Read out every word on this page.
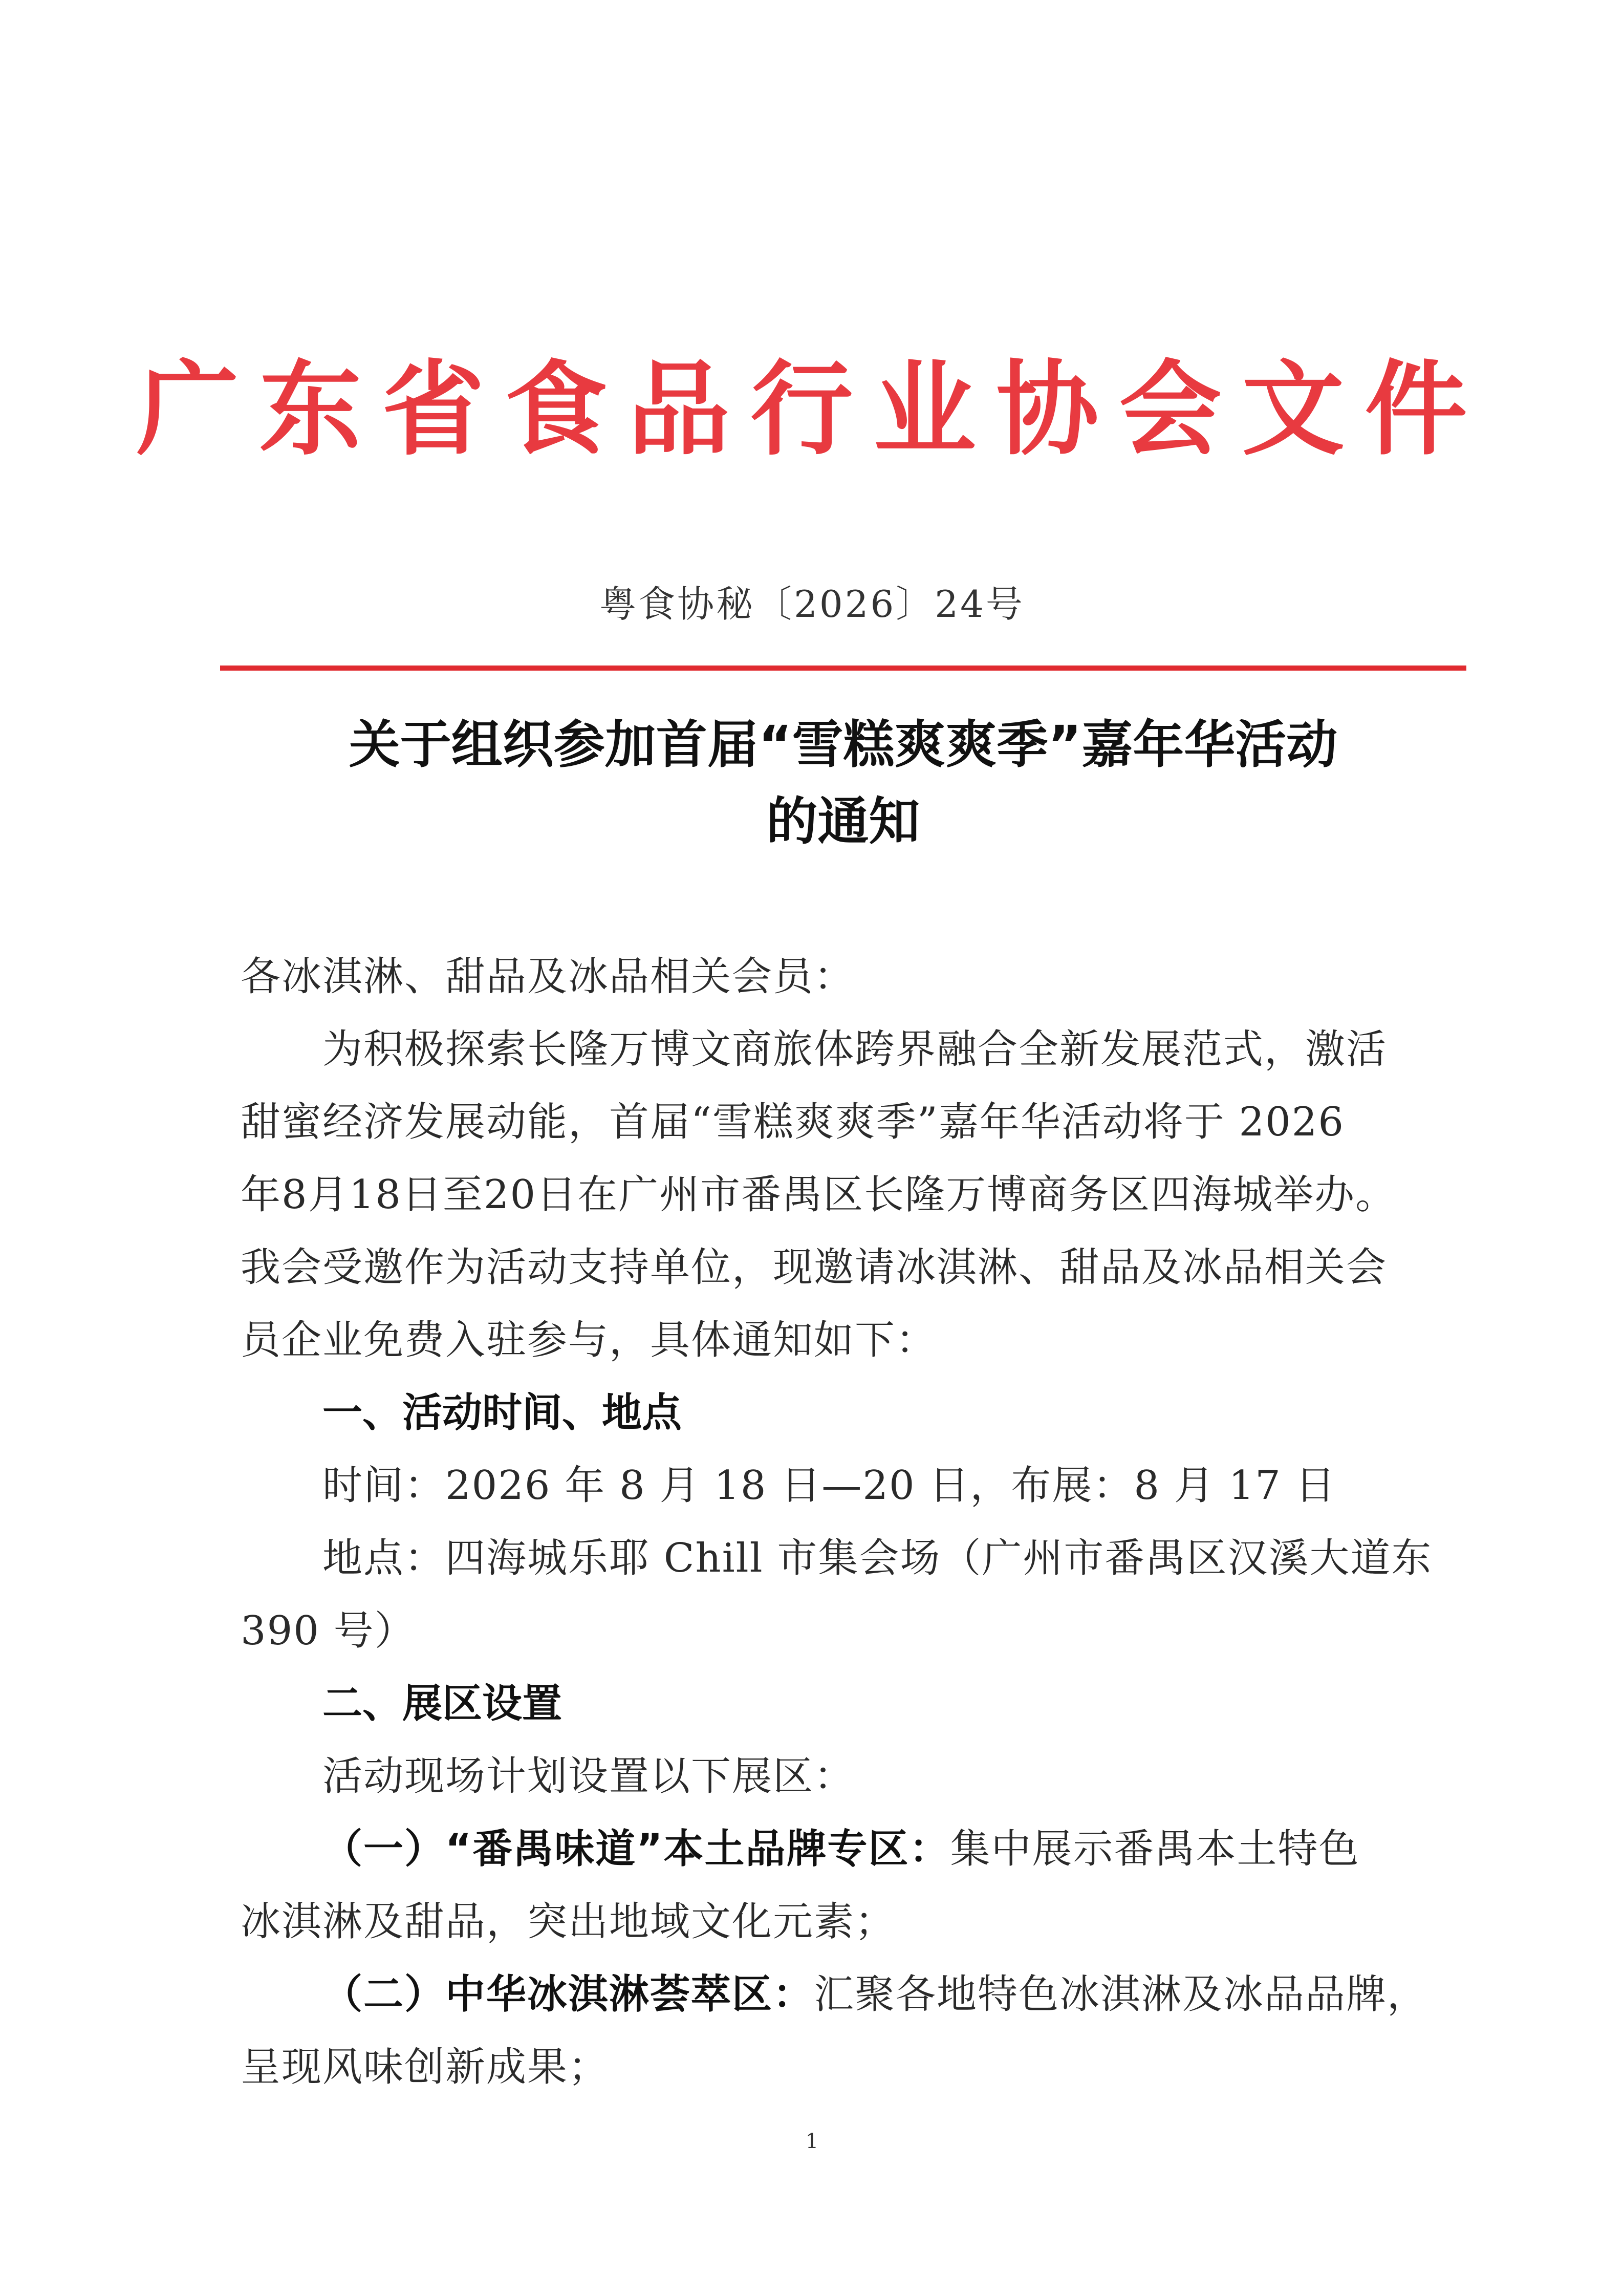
广东省食品行业协会文件
粤食协秘〔2026〕24号
关于组织参加首届“雪糕爽爽季”嘉年华活动
的通知
各冰淇淋、甜品及冰品相关会员：
为积极探索长隆万博文商旅体跨界融合全新发展范式，激活
甜蜜经济发展动能，首届“雪糕爽爽季”嘉年华活动将于 2026
年8月18日至20日在广州市番禺区长隆万博商务区四海城举办。
我会受邀作为活动支持单位，现邀请冰淇淋、甜品及冰品相关会
员企业免费入驻参与，具体通知如下：
一、活动时间、地点
时间：2026 年 8 月 18 日—20 日，布展：8 月 17 日
地点：四海城乐耶 Chill 市集会场（广州市番禺区汉溪大道东
390 号）
二、展区设置
活动现场计划设置以下展区：
（一）“番禺味道”本土品牌专区：集中展示番禺本土特色
冰淇淋及甜品，突出地域文化元素；
（二）中华冰淇淋荟萃区：汇聚各地特色冰淇淋及冰品品牌，
呈现风味创新成果；
1
